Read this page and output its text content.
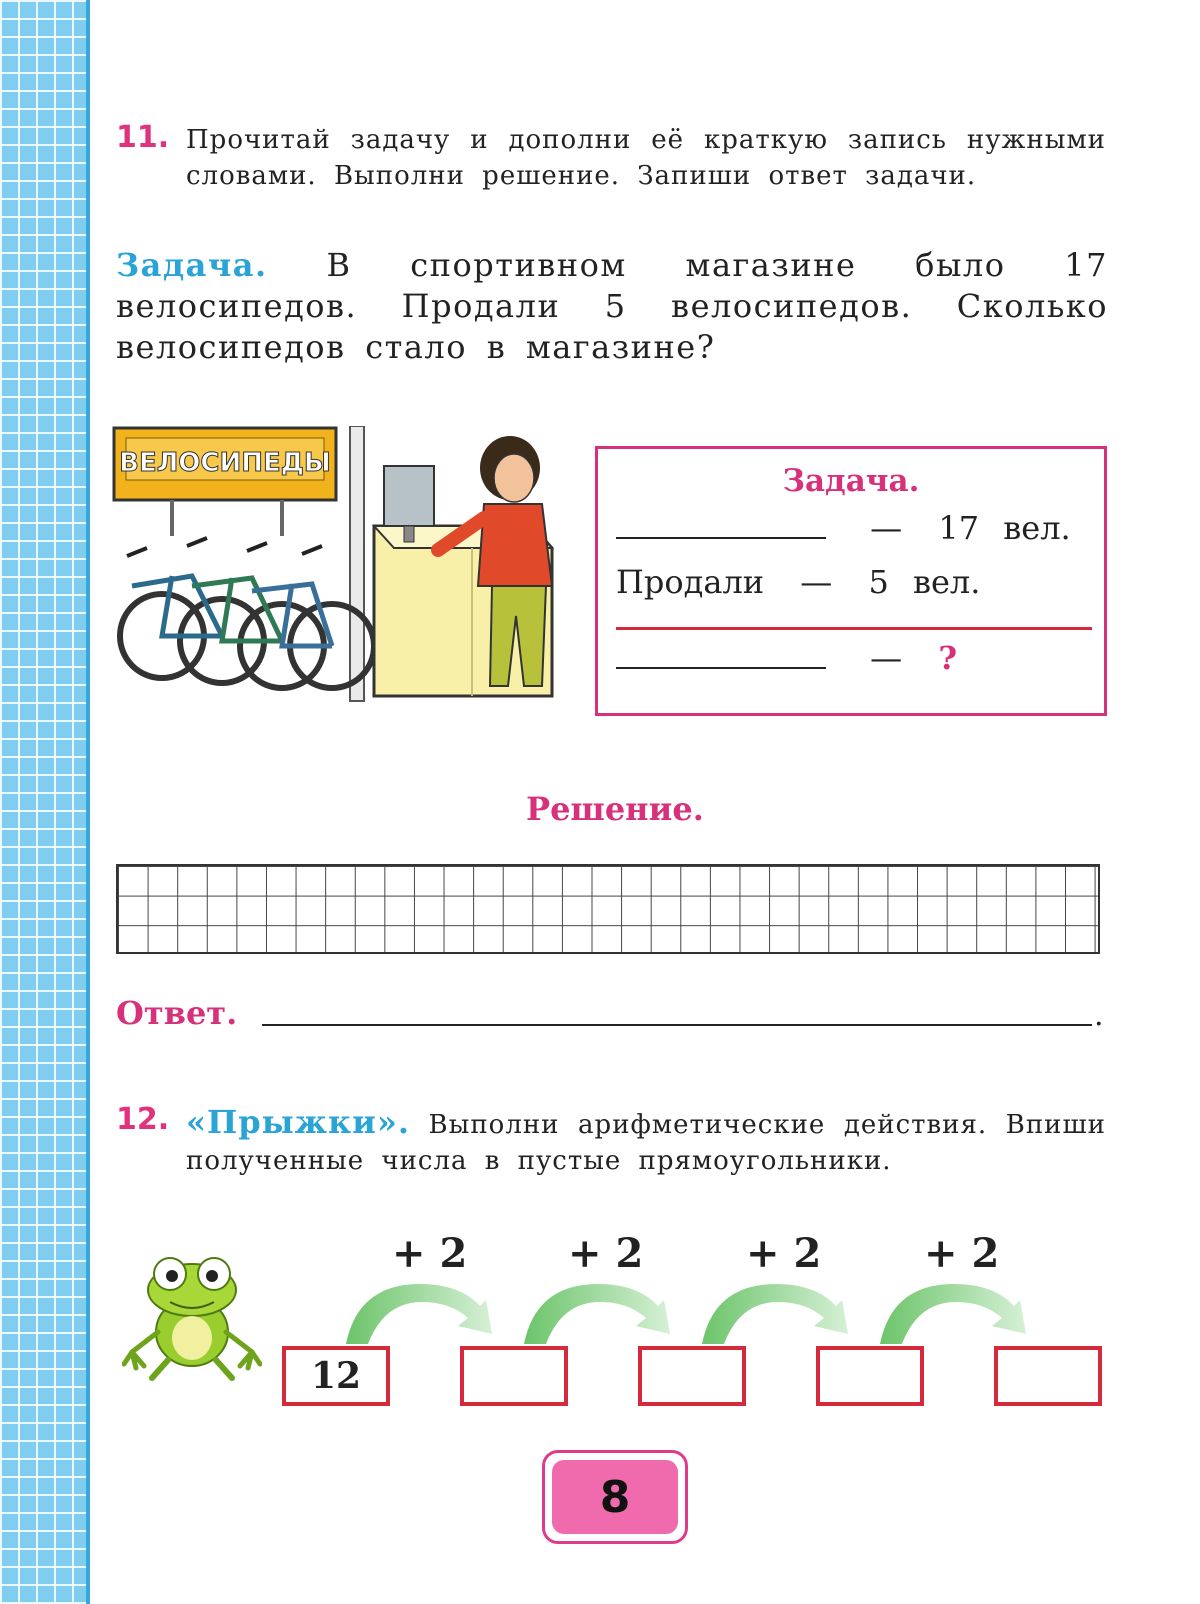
11. Прочитай задачу и дополни её краткую запись нужными словами. Выполни решение. Запиши ответ задачи.
Задача. В спортивном магазине было 17 велосипедов. Продали 5 велосипедов. Сколько велосипедов стало в магазине?
ВЕЛОСИПЕДЫ	Задача.
— 17 вел.
Продали — 5 вел.
— ?
Решение.
Ответ.	.
12. «Прыжки». Выполни арифметические действия. Впиши полученные числа в пустые прямоугольники.
+ 2	+ 2	+ 2	+ 2
12
8
